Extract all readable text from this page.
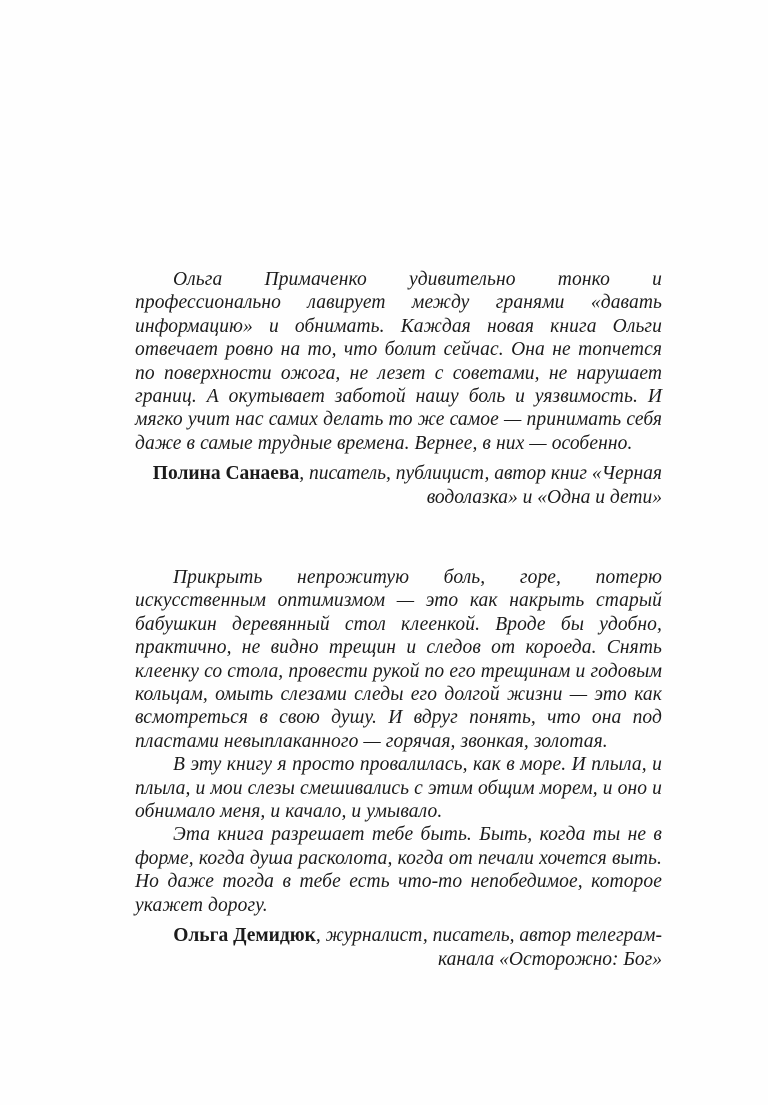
Ольга Примаченко удивительно тонко и профессионально лавирует между гранями «давать информацию» и обнимать. Каждая новая книга Ольги отвечает ровно на то, что болит сейчас. Она не топчется по поверхности ожога, не лезет с советами, не нарушает границ. А окутывает заботой нашу боль и уязвимость. И мягко учит нас самих делать то же самое — принимать себя даже в самые трудные времена. Вернее, в них — особенно.

Полина Санаева, писатель, публицист, автор книг «Черная водолазка» и «Одна и дети»

Прикрыть непрожитую боль, горе, потерю искусственным оптимизмом — это как накрыть старый бабушкин деревянный стол клеенкой. Вроде бы удобно, практично, не видно трещин и следов от короеда. Снять клеенку со стола, провести рукой по его трещинам и годовым кольцам, омыть слезами следы его долгой жизни — это как всмотреться в свою душу. И вдруг понять, что она под пластами невыплаканного — горячая, звонкая, золотая.

В эту книгу я просто провалилась, как в море. И плыла, и плыла, и мои слезы смешивались с этим общим морем, и оно и обнимало меня, и качало, и умывало.

Эта книга разрешает тебе быть. Быть, когда ты не в форме, когда душа расколота, когда от печали хочется выть. Но даже тогда в тебе есть что-то непобедимое, которое укажет дорогу.

Ольга Демидюк, журналист, писатель, автор телеграм-канала «Осторожно: Бог»
